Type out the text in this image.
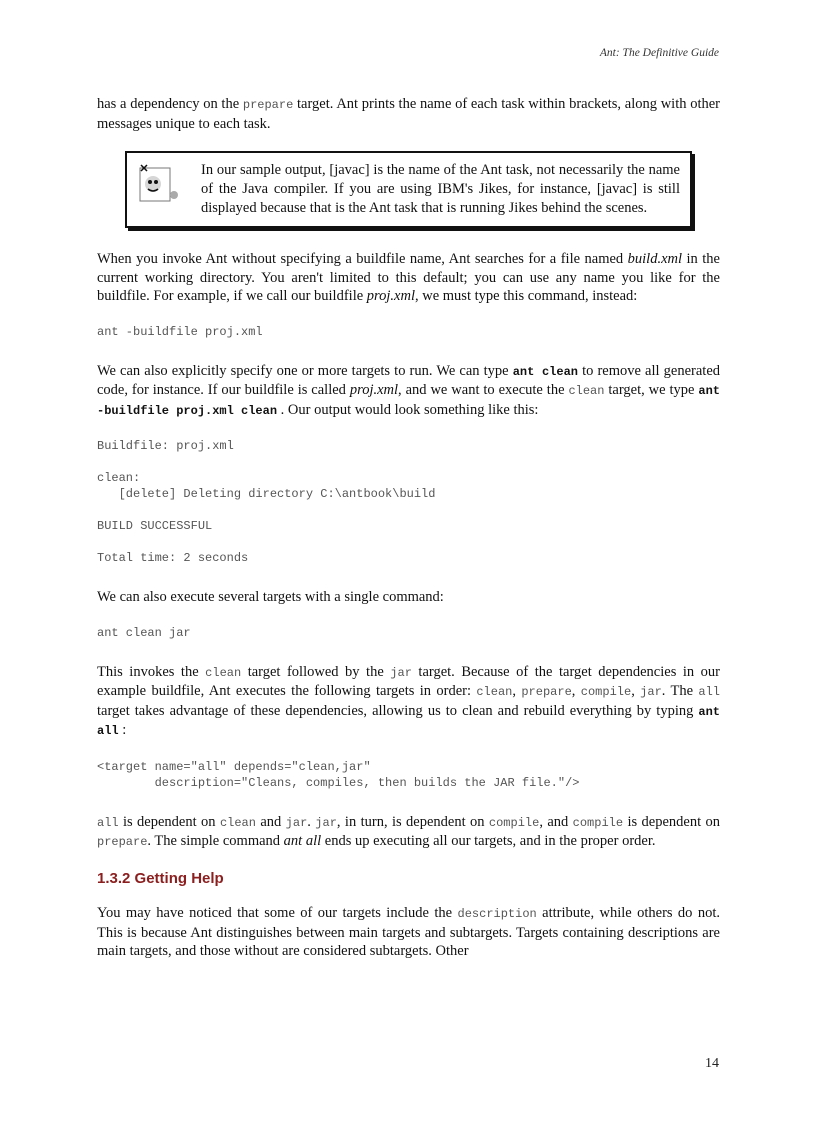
Ant: The Definitive Guide

has a dependency on the prepare target. Ant prints the name of each task within brackets, along with other messages unique to each task.

In our sample output, [javac] is the name of the Ant task, not necessarily the name of the Java compiler. If you are using IBM's Jikes, for instance, [javac] is still displayed because that is the Ant task that is running Jikes behind the scenes.

When you invoke Ant without specifying a buildfile name, Ant searches for a file named build.xml in the current working directory. You aren't limited to this default; you can use any name you like for the buildfile. For example, if we call our buildfile proj.xml, we must type this command, instead:

ant -buildfile proj.xml

We can also explicitly specify one or more targets to run. We can type ant clean to remove all generated code, for instance. If our buildfile is called proj.xml, and we want to execute the clean target, we type ant -buildfile proj.xml clean . Our output would look something like this:

Buildfile: proj.xml

clean:
[delete] Deleting directory C:\antbook\build

BUILD SUCCESSFUL

Total time: 2 seconds

We can also execute several targets with a single command:

ant clean jar

This invokes the clean target followed by the jar target. Because of the target dependencies in our example buildfile, Ant executes the following targets in order: clean, prepare, compile, jar. The all target takes advantage of these dependencies, allowing us to clean and rebuild everything by typing ant all :

<target name="all" depends="clean,jar"
description="Cleans, compiles, then builds the JAR file."/>

all is dependent on clean and jar. jar, in turn, is dependent on compile, and compile is dependent on prepare. The simple command ant all ends up executing all our targets, and in the proper order.

1.3.2 Getting Help

You may have noticed that some of our targets include the description attribute, while others do not. This is because Ant distinguishes between main targets and subtargets. Targets containing descriptions are main targets, and those without are considered subtargets. Other

14
